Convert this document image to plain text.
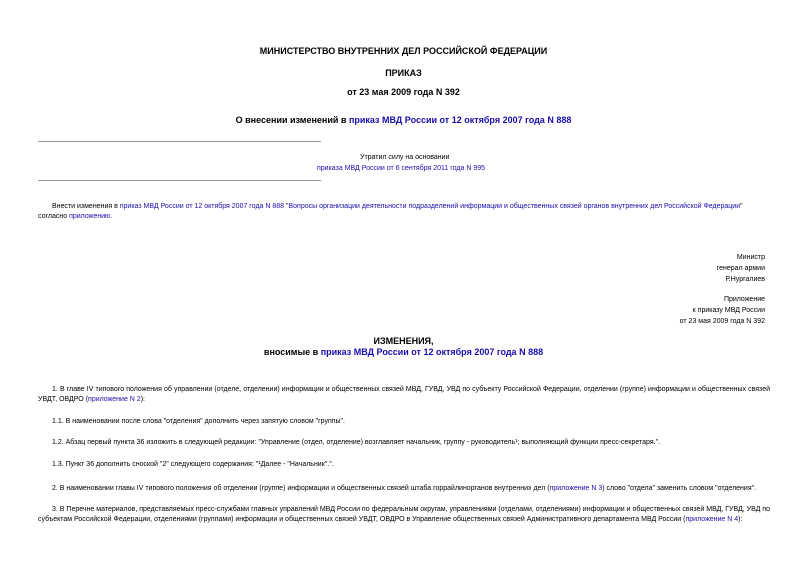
МИНИСТЕРСТВО ВНУТРЕННИХ ДЕЛ РОССИЙСКОЙ ФЕДЕРАЦИИ
ПРИКАЗ
от 23 мая 2009 года N 392
О внесении изменений в приказ МВД России от 12 октября 2007 года N 888
Утратил силу на основании
приказа МВД России от 6 сентября 2011 года N 995
Внести изменения в приказ МВД России от 12 октября 2007 года N 888 "Вопросы организации деятельности подразделений информации и общественных связей органов внутренних дел Российской Федерации" согласно приложению.
Министр
генерал армии
Р.Нургалиев
Приложение
к приказу МВД России
от 23 мая 2009 года N 392
ИЗМЕНЕНИЯ,
вносимые в приказ МВД России от 12 октября 2007 года N 888
1. В главе IV типового положения об управлении (отделе, отделении) информации и общественных связей МВД, ГУВД, УВД по субъекту Российской Федерации, отделении (группе) информации и общественных связей УВДТ, ОВДРО (приложение N 2):
1.1. В наименовании после слова "отделения" дополнить через запятую словом "группы".
1.2. Абзац первый пункта 36 изложить в следующей редакции: "Управление (отдел, отделение) возглавляет начальник, группу - руководитель¹; выполняющий функции пресс-секретаря.".
1.3. Пункт 36 дополнить сноской "2" следующего содержания: "¹Далее - "Начальник".".
2. В наименовании главы IV типового положения об отделении (группе) информации и общественных связей штаба горрайлинорганов внутренних дел (приложение N 3) слово "отдела" заменить словом "отделения".
3. В Перечне материалов, представляемых пресс-службами главных управлений МВД России по федеральным округам, управлениями (отделами, отделениями) информации и общественных связей МВД, ГУВД, УВД по субъектам Российской Федерации, отделениями (группами) информации и общественных связей УВДТ, ОВДРО в Управление общественных связей Административного департамента МВД России (приложение N 4):
